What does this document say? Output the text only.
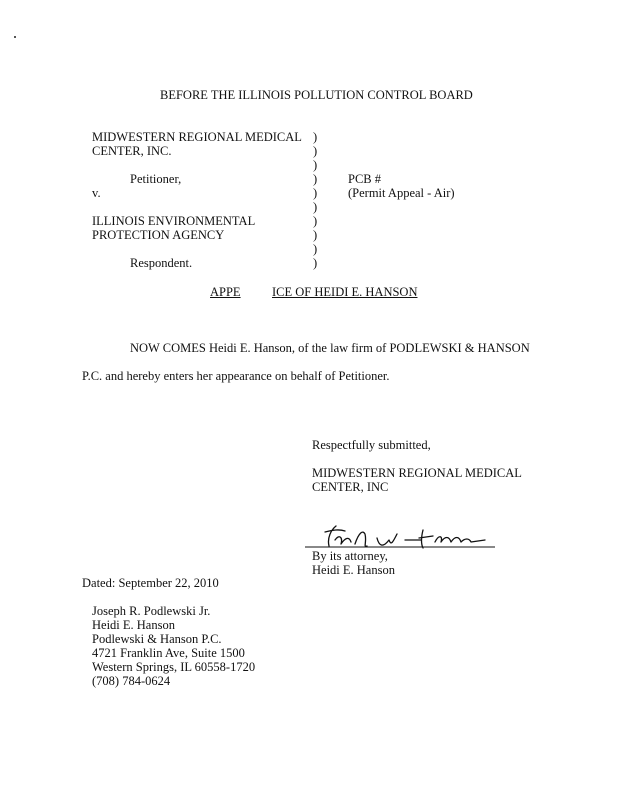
BEFORE THE ILLINOIS POLLUTION CONTROL BOARD
MIDWESTERN REGIONAL MEDICAL
CENTER, INC.
Petitioner,
v.
ILLINOIS ENVIRONMENTAL
PROTECTION AGENCY
Respondent.
)
)
)
)
)
)
)
)
)
)
PCB #
(Permit Appeal - Air)
APPE	ICE OF HEIDI E. HANSON
NOW COMES Heidi E. Hanson, of the law firm of PODLEWSKI & HANSON
P.C. and hereby enters her appearance on behalf of Petitioner.
Respectfully submitted,
MIDWESTERN REGIONAL MEDICAL
CENTER, INC
By its attorney,
Heidi E. Hanson
Dated: September 22, 2010
Joseph R. Podlewski Jr.
Heidi E. Hanson
Podlewski & Hanson P.C.
4721 Franklin Ave, Suite 1500
Western Springs, IL 60558-1720
(708) 784-0624
